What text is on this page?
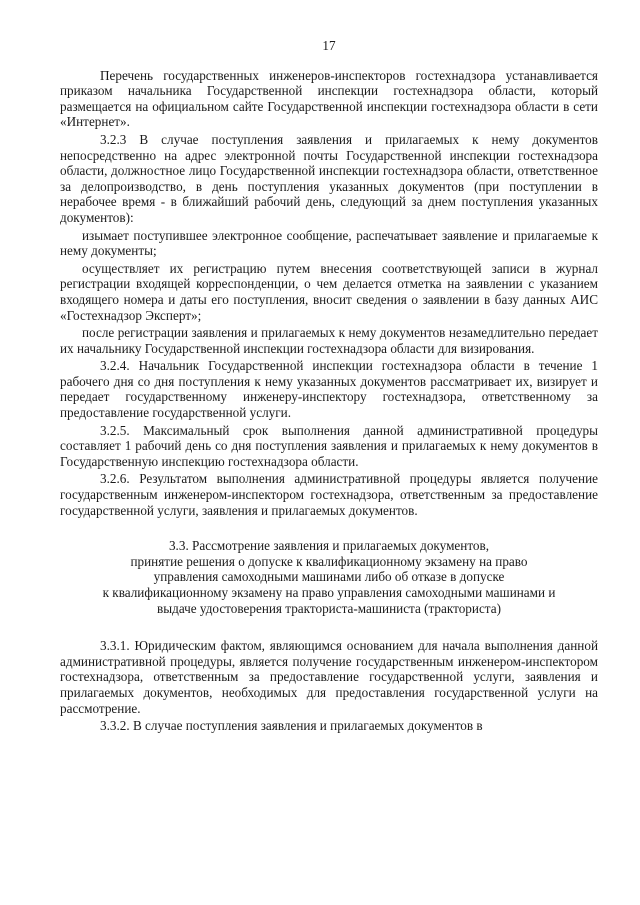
17

Перечень государственных инженеров-инспекторов гостехнадзора устанавливается приказом начальника Государственной инспекции гостехнадзора области, который размещается на официальном сайте Государственной инспекции гостехнадзора области в сети «Интернет».

3.2.3 В случае поступления заявления и прилагаемых к нему документов непосредственно на адрес электронной почты Государственной инспекции гостехнадзора области, должностное лицо Государственной инспекции гостехнадзора области, ответственное за делопроизводство, в день поступления указанных документов (при поступлении в нерабочее время - в ближайший рабочий день, следующий за днем поступления указанных документов):

изымает поступившее электронное сообщение, распечатывает заявление и прилагаемые к нему документы;

осуществляет их регистрацию путем внесения соответствующей записи в журнал регистрации входящей корреспонденции, о чем делается отметка на заявлении с указанием входящего номера и даты его поступления, вносит сведения о заявлении в базу данных АИС «Гостехнадзор Эксперт»;

после регистрации заявления и прилагаемых к нему документов незамедлительно передает их начальнику Государственной инспекции гостехнадзора области для визирования.

3.2.4. Начальник Государственной инспекции гостехнадзора области в течение 1 рабочего дня со дня поступления к нему указанных документов рассматривает их, визирует и передает государственному инженеру-инспектору гостехнадзора, ответственному за предоставление государственной услуги.

3.2.5. Максимальный срок выполнения данной административной процедуры составляет 1 рабочий день со дня поступления заявления и прилагаемых к нему документов в Государственную инспекцию гостехнадзора области.

3.2.6. Результатом выполнения административной процедуры является получение государственным инженером-инспектором гостехнадзора, ответственным за предоставление государственной услуги, заявления и прилагаемых документов.

3.3. Рассмотрение заявления и прилагаемых документов,
принятие решения о допуске к квалификационному экзамену на право
управления самоходными машинами либо об отказе в допуске
к квалификационному экзамену на право управления самоходными машинами и
выдаче удостоверения тракториста-машиниста (тракториста)

3.3.1. Юридическим фактом, являющимся основанием для начала выполнения данной административной процедуры, является получение государственным инженером-инспектором гостехнадзора, ответственным за предоставление государственной услуги, заявления и прилагаемых документов, необходимых для предоставления государственной услуги на рассмотрение.

3.3.2. В случае поступления заявления и прилагаемых документов в
